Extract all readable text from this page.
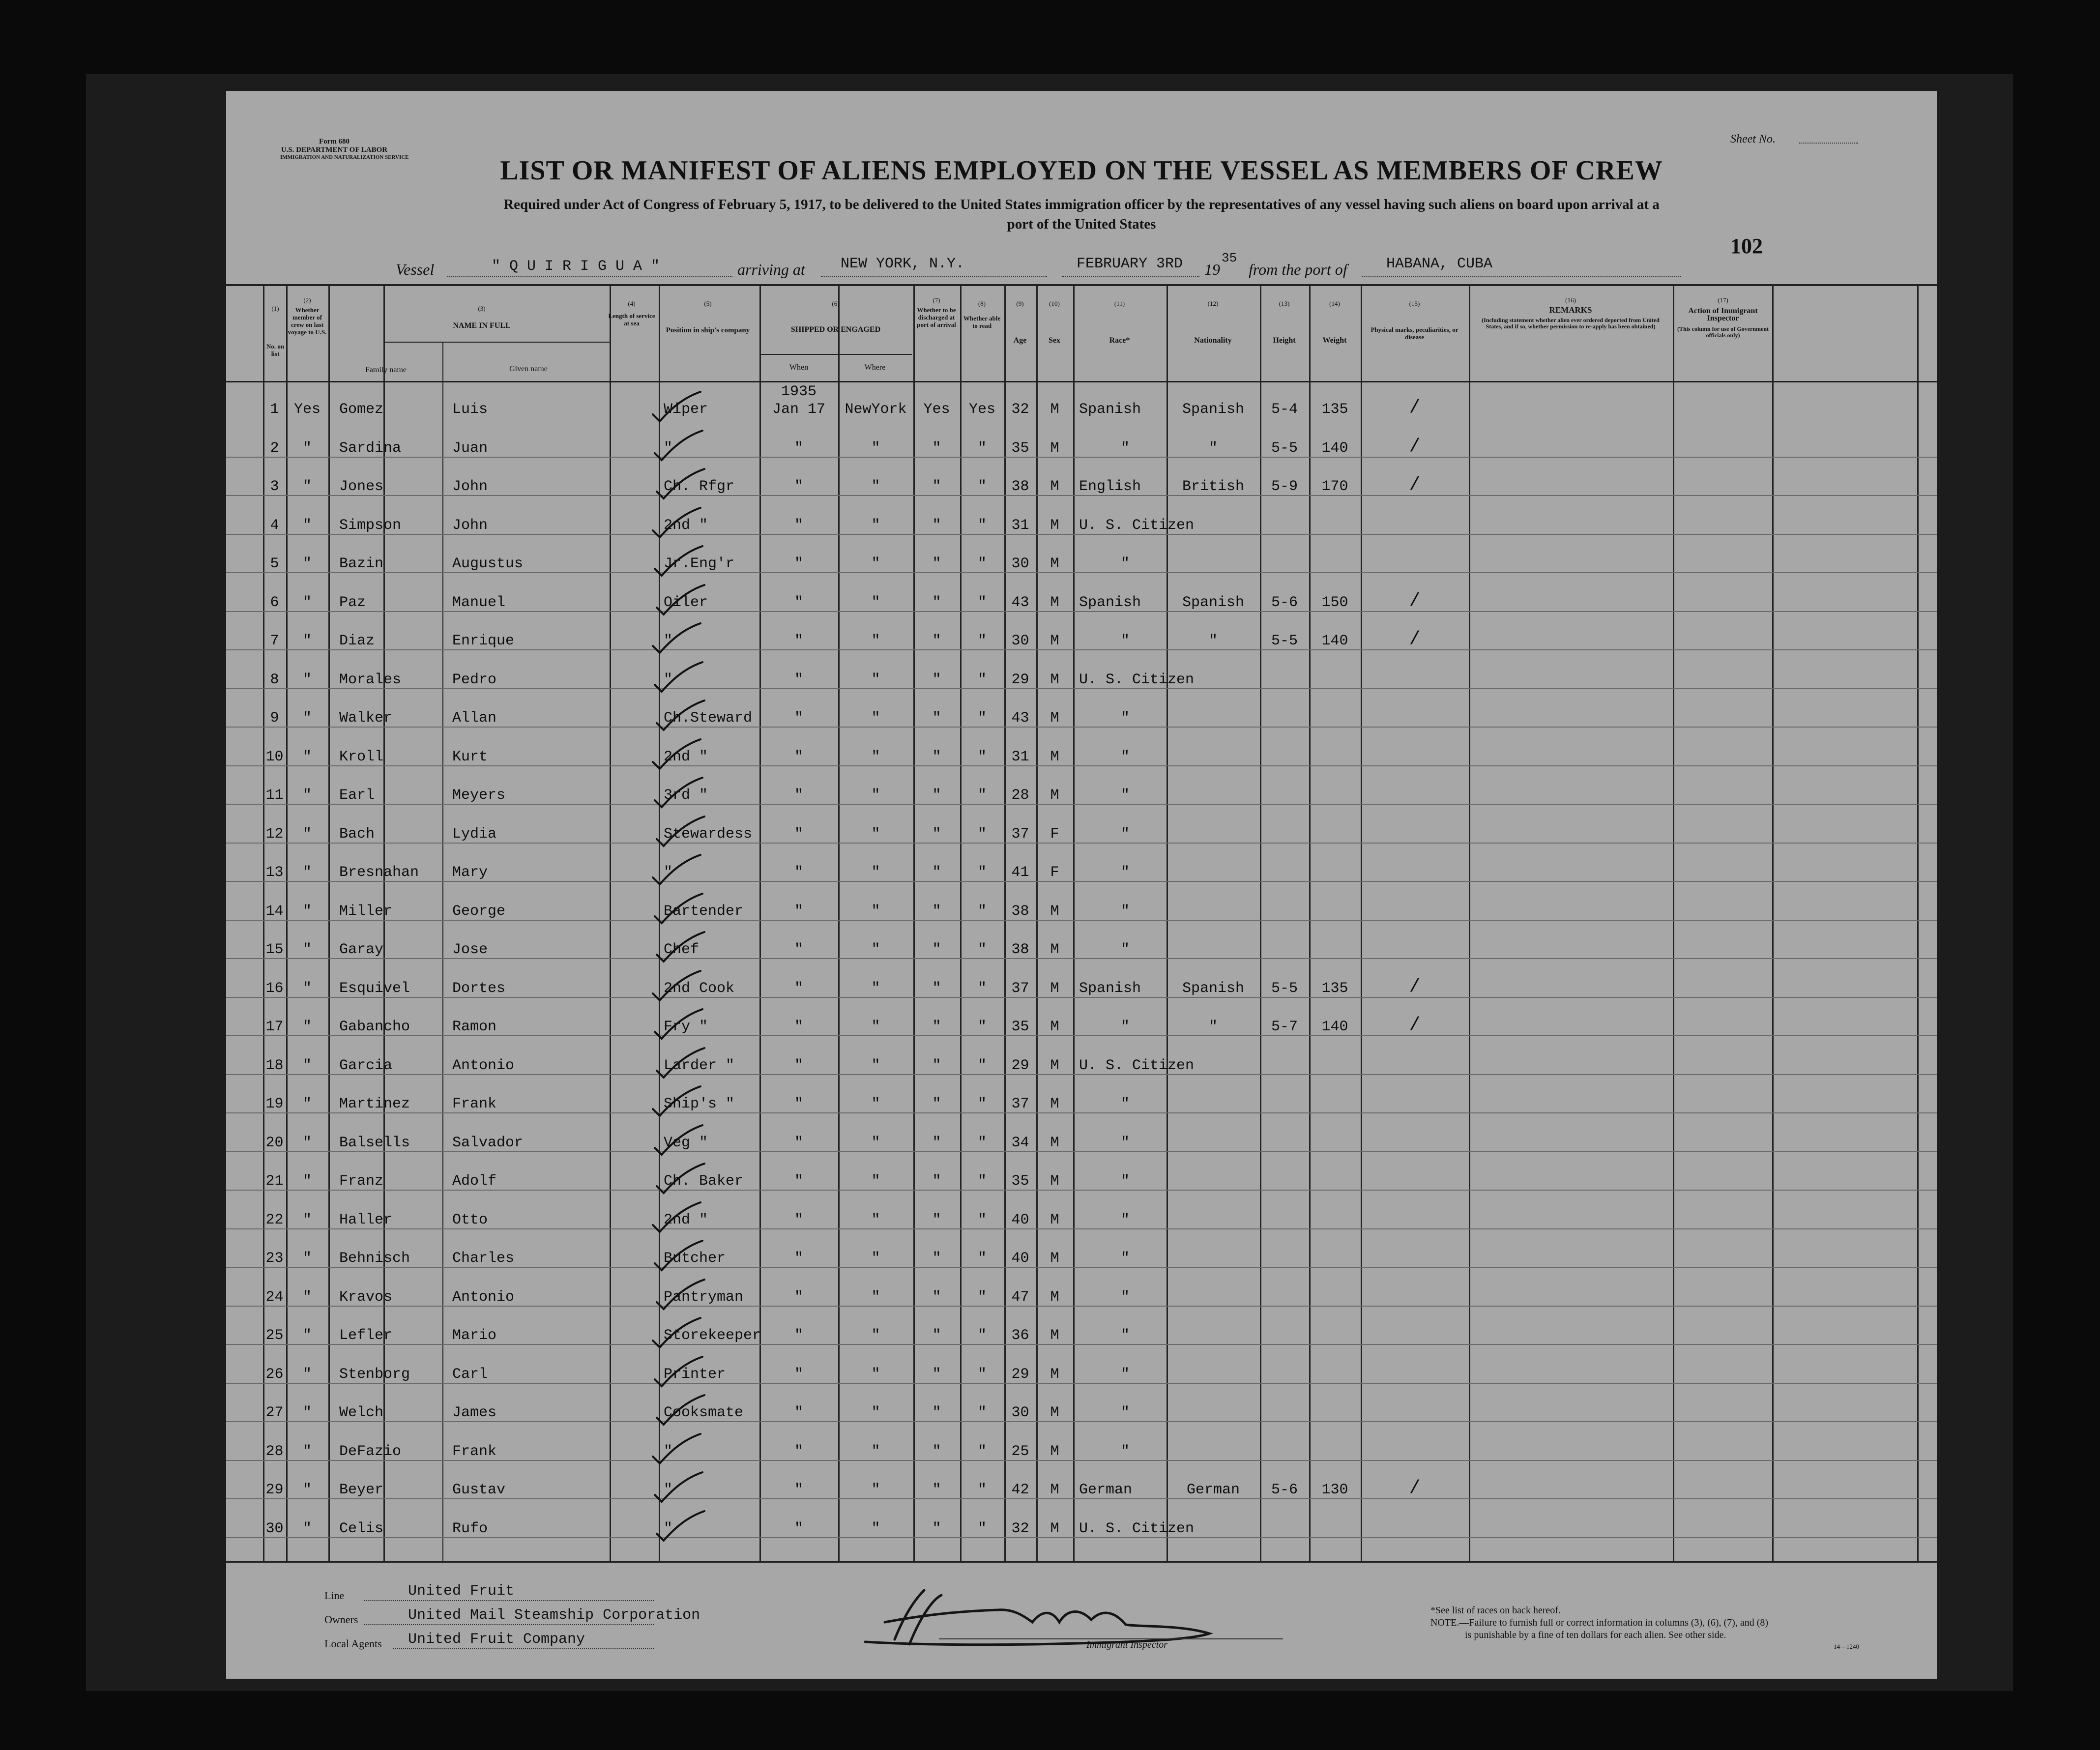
Form 680
U.S. DEPARTMENT OF LABOR
IMMIGRATION AND NATURALIZATION SERVICE
Sheet No.
LIST OR MANIFEST OF ALIENS EMPLOYED ON THE VESSEL AS MEMBERS OF CREW
Required under Act of Congress of February 5, 1917, to be delivered to the United States immigration officer by the representatives of any vessel having such aliens on board upon arrival at a
port of the United States
102
Vessel	" Q U I R I G U A "	arriving at NEW YORK, N.Y.	FEBRUARY 3RD 19
35
from the port of	HABANA, CUBA
(1)
No. on list
(2)
Whether member of crew on last voyage to U.S.
(3)
NAME IN FULL
Family name	Given name
(4)
Length of service at sea
(5)
Position in ship's company
(6)
SHIPPED OR ENGAGED
When	Where
(7)
Whether to be discharged at port of arrival
(8)
Whether able to read
(9)
Age
(10)
Sex
(11)
Race*
(12)
Nationality
(13)
Height
(14)
Weight
(15)
Physical marks, peculiarities, or disease
(16)
REMARKS
(Including statement whether alien ever ordered deported from United States, and if so, whether permission to re-apply has been obtained)
(17)
Action of Immigrant Inspector
(This column for use of Government officials only)
1	Yes	Gomez	Luis	Wiper	Jan 17	NewYork	Yes	Yes	32	M	Spanish	Spanish	5-4	135	/
1935
2	"	Sardina	Juan	"	"	"	"	"	35	M	"	"	5-5	140	/
3	"	Jones	John	Ch. Rfgr	"	"	"	"	38	M	English	British	5-9	170	/
4	"	Simpson	John	2nd "	"	"	"	"	31	M	U. S. Citizen
5	"	Bazin	Augustus	Jr.Eng'r	"	"	"	"	30	M	"
6	"	Paz	Manuel	Oiler	"	"	"	"	43	M	Spanish	Spanish	5-6	150	/
7	"	Diaz	Enrique	"	"	"	"	"	30	M	"	"	5-5	140	/
8	"	Morales	Pedro	"	"	"	"	"	29	M	U. S. Citizen
9	"	Walker	Allan	Ch.Steward	"	"	"	"	43	M	"
10	"	Kroll	Kurt	2nd "	"	"	"	"	31	M	"
11	"	Earl	Meyers	3rd "	"	"	"	"	28	M	"
12	"	Bach	Lydia	Stewardess	"	"	"	"	37	F	"
13	"	Bresnahan Mary	"	"	"	"	"	41	F	"
14	"	Miller	George	Bartender	"	"	"	"	38	M	"
15	"	Garay	Jose	Chef	"	"	"	"	38	M	"
16	"	Esquivel	Dortes	2nd Cook	"	"	"	"	37	M	Spanish	Spanish	5-5	135	/
17	"	Gabancho	Ramon	Fry "	"	"	"	"	35	M	"	"	5-7	140	/
18	"	Garcia	Antonio	Larder "	"	"	"	"	29	M	U. S. Citizen
19	"	Martinez	Frank	Ship's "	"	"	"	"	37	M	"
20	"	Balsells	Salvador	Veg "	"	"	"	"	34	M	"
21	"	Franz	Adolf	Ch. Baker	"	"	"	"	35	M	"
22	"	Haller	Otto	2nd "	"	"	"	"	40	M	"
23	"	Behnisch	Charles	Butcher	"	"	"	"	40	M	"
24	"	Kravos	Antonio	Pantryman	"	"	"	"	47	M	"
25	"	Lefler	Mario	Storekeeper	"	"	"	"	36	M	"
26	"	Stenborg	Carl	Printer	"	"	"	"	29	M	"
27	"	Welch	James	Cooksmate	"	"	"	"	30	M	"
28	"	DeFazio	Frank	"	"	"	"	"	25	M	"
29	"	Beyer	Gustav	"	"	"	"	"	42	M	German	German	5-6	130	/
30	"	Celis	Rufo	"	"	"	"	"	32	M	U. S. Citizen
Line	United Fruit
Owners	United Mail Steamship Corporation
Local Agents United Fruit Company	Immigrant Inspector
*See list of races on back hereof.
NOTE.—Failure to furnish full or correct information in columns (3), (6), (7), and (8)
is punishable by a fine of ten dollars for each alien. See other side.
14—1240
